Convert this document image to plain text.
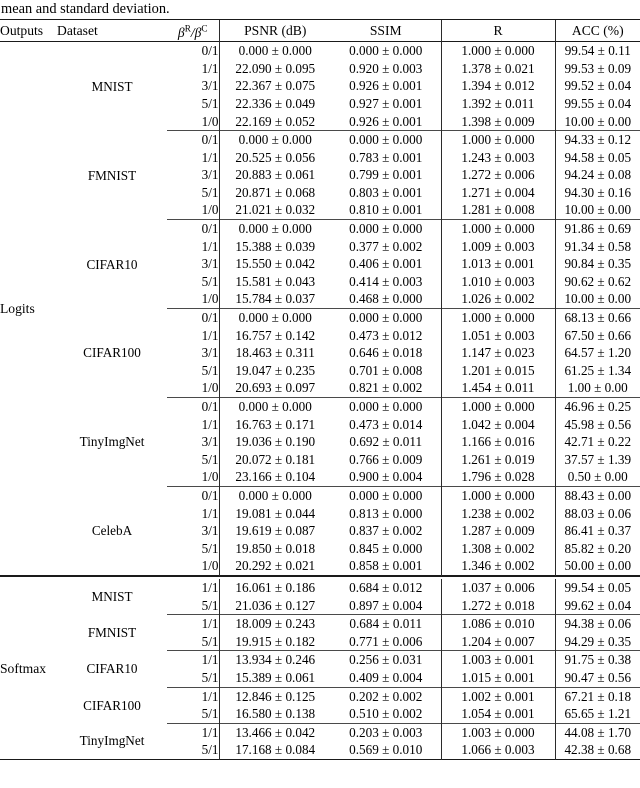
mean and standard deviation.

Outputs	Dataset	$\beta^R/\beta^C$	PSNR (dB)	SSIM	R	ACC (%)

Logits	MNIST	0/1	0.000 ± 0.000	0.000 ± 0.000	1.000 ± 0.000	99.54 ± 0.11
		1/1	22.090 ± 0.095	0.920 ± 0.003	1.378 ± 0.021	99.53 ± 0.09
		3/1	22.367 ± 0.075	0.926 ± 0.001	1.394 ± 0.012	99.52 ± 0.04
		5/1	22.336 ± 0.049	0.927 ± 0.001	1.392 ± 0.011	99.55 ± 0.04
		1/0	22.169 ± 0.052	0.926 ± 0.001	1.398 ± 0.009	10.00 ± 0.00

	FMNIST	0/1	0.000 ± 0.000	0.000 ± 0.000	1.000 ± 0.000	94.33 ± 0.12
		1/1	20.525 ± 0.056	0.783 ± 0.001	1.243 ± 0.003	94.58 ± 0.05
		3/1	20.883 ± 0.061	0.799 ± 0.001	1.272 ± 0.006	94.24 ± 0.08
		5/1	20.871 ± 0.068	0.803 ± 0.001	1.271 ± 0.004	94.30 ± 0.16
		1/0	21.021 ± 0.032	0.810 ± 0.001	1.281 ± 0.008	10.00 ± 0.00

	CIFAR10	0/1	0.000 ± 0.000	0.000 ± 0.000	1.000 ± 0.000	91.86 ± 0.69
		1/1	15.388 ± 0.039	0.377 ± 0.002	1.009 ± 0.003	91.34 ± 0.58
		3/1	15.550 ± 0.042	0.406 ± 0.001	1.013 ± 0.001	90.84 ± 0.35
		5/1	15.581 ± 0.043	0.414 ± 0.003	1.010 ± 0.003	90.62 ± 0.62
		1/0	15.784 ± 0.037	0.468 ± 0.000	1.026 ± 0.002	10.00 ± 0.00

	CIFAR100	0/1	0.000 ± 0.000	0.000 ± 0.000	1.000 ± 0.000	68.13 ± 0.66
		1/1	16.757 ± 0.142	0.473 ± 0.012	1.051 ± 0.003	67.50 ± 0.66
		3/1	18.463 ± 0.311	0.646 ± 0.018	1.147 ± 0.023	64.57 ± 1.20
		5/1	19.047 ± 0.235	0.701 ± 0.008	1.201 ± 0.015	61.25 ± 1.34
		1/0	20.693 ± 0.097	0.821 ± 0.002	1.454 ± 0.011	1.00 ± 0.00

	TinyImgNet	0/1	0.000 ± 0.000	0.000 ± 0.000	1.000 ± 0.000	46.96 ± 0.25
		1/1	16.763 ± 0.171	0.473 ± 0.014	1.042 ± 0.004	45.98 ± 0.56
		3/1	19.036 ± 0.190	0.692 ± 0.011	1.166 ± 0.016	42.71 ± 0.22
		5/1	20.072 ± 0.181	0.766 ± 0.009	1.261 ± 0.019	37.57 ± 1.39
		1/0	23.166 ± 0.104	0.900 ± 0.004	1.796 ± 0.028	0.50 ± 0.00

	CelebA	0/1	0.000 ± 0.000	0.000 ± 0.000	1.000 ± 0.000	88.43 ± 0.00
		1/1	19.081 ± 0.044	0.813 ± 0.000	1.238 ± 0.002	88.03 ± 0.06
		3/1	19.619 ± 0.087	0.837 ± 0.002	1.287 ± 0.009	86.41 ± 0.37
		5/1	19.850 ± 0.018	0.845 ± 0.000	1.308 ± 0.002	85.82 ± 0.20
		1/0	20.292 ± 0.021	0.858 ± 0.001	1.346 ± 0.002	50.00 ± 0.00

Softmax	MNIST	1/1	16.061 ± 0.186	0.684 ± 0.012	1.037 ± 0.006	99.54 ± 0.05
		5/1	21.036 ± 0.127	0.897 ± 0.004	1.272 ± 0.018	99.62 ± 0.04

	FMNIST	1/1	18.009 ± 0.243	0.684 ± 0.011	1.086 ± 0.010	94.38 ± 0.06
		5/1	19.915 ± 0.182	0.771 ± 0.006	1.204 ± 0.007	94.29 ± 0.35

	CIFAR10	1/1	13.934 ± 0.246	0.256 ± 0.031	1.003 ± 0.001	91.75 ± 0.38
		5/1	15.389 ± 0.061	0.409 ± 0.004	1.015 ± 0.001	90.47 ± 0.56

	CIFAR100	1/1	12.846 ± 0.125	0.202 ± 0.002	1.002 ± 0.001	67.21 ± 0.18
		5/1	16.580 ± 0.138	0.510 ± 0.002	1.054 ± 0.001	65.65 ± 1.21

	TinyImgNet	1/1	13.466 ± 0.042	0.203 ± 0.003	1.003 ± 0.000	44.08 ± 1.70
		5/1	17.168 ± 0.084	0.569 ± 0.010	1.066 ± 0.003	42.38 ± 0.68
